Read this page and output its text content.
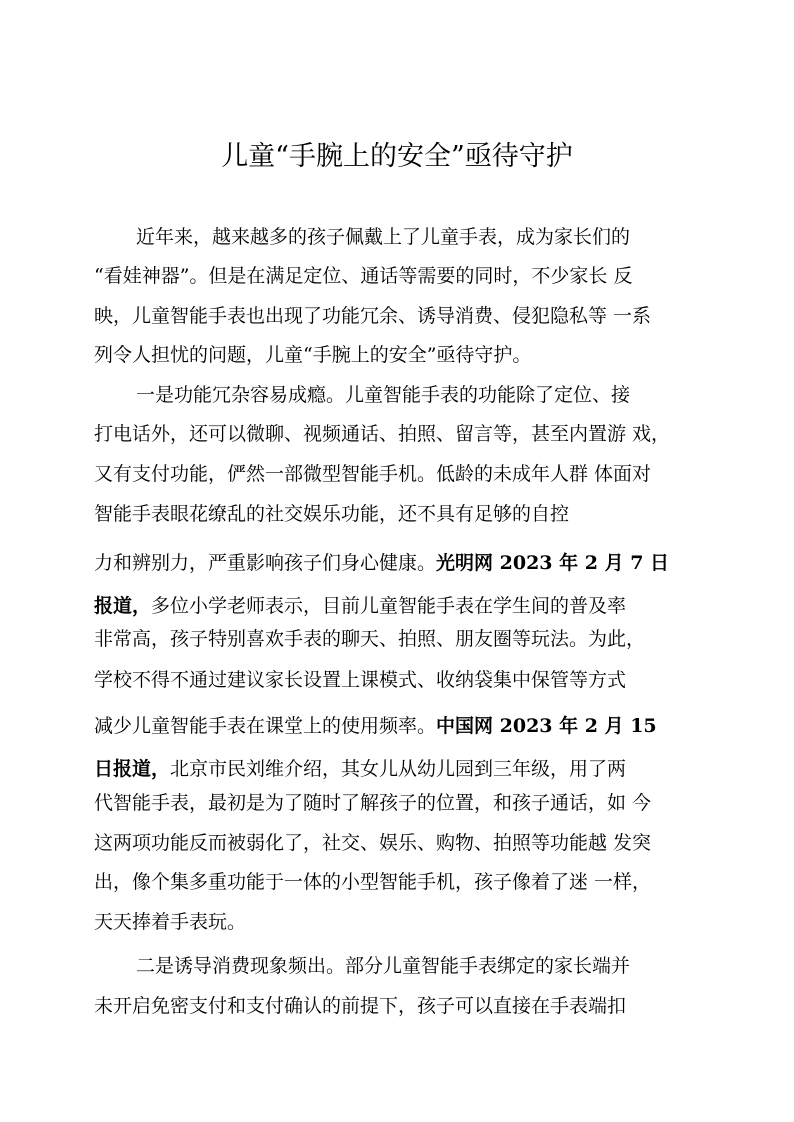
儿童“手腕上的安全”亟待守护
近年来，越来越多的孩子佩戴上了儿童手表，成为家长们的
“看娃神器”。但是在满足定位、通话等需要的同时，不少家长 反
映，儿童智能手表也出现了功能冗余、诱导消费、侵犯隐私等 一系
列令人担忧的问题，儿童“手腕上的安全”亟待守护。
一是功能冗杂容易成瘾。儿童智能手表的功能除了定位、接
打电话外，还可以微聊、视频通话、拍照、留言等，甚至内置游 戏，
又有支付功能，俨然一部微型智能手机。低龄的未成年人群 体面对
智能手表眼花缭乱的社交娱乐功能，还不具有足够的自控
力和辨别力，严重影响孩子们身心健康。光明网 2023 年 2 月 7 日
报道，多位小学老师表示，目前儿童智能手表在学生间的普及率
非常高，孩子特别喜欢手表的聊天、拍照、朋友圈等玩法。为此，
学校不得不通过建议家长设置上课模式、收纳袋集中保管等方式
减少儿童智能手表在课堂上的使用频率。中国网 2023 年 2 月 15
日报道，北京市民刘维介绍，其女儿从幼儿园到三年级，用了两
代智能手表，最初是为了随时了解孩子的位置，和孩子通话，如 今
这两项功能反而被弱化了，社交、娱乐、购物、拍照等功能越 发突
出，像个集多重功能于一体的小型智能手机，孩子像着了迷 一样，
天天捧着手表玩。
二是诱导消费现象频出。部分儿童智能手表绑定的家长端并
未开启免密支付和支付确认的前提下，孩子可以直接在手表端扣
